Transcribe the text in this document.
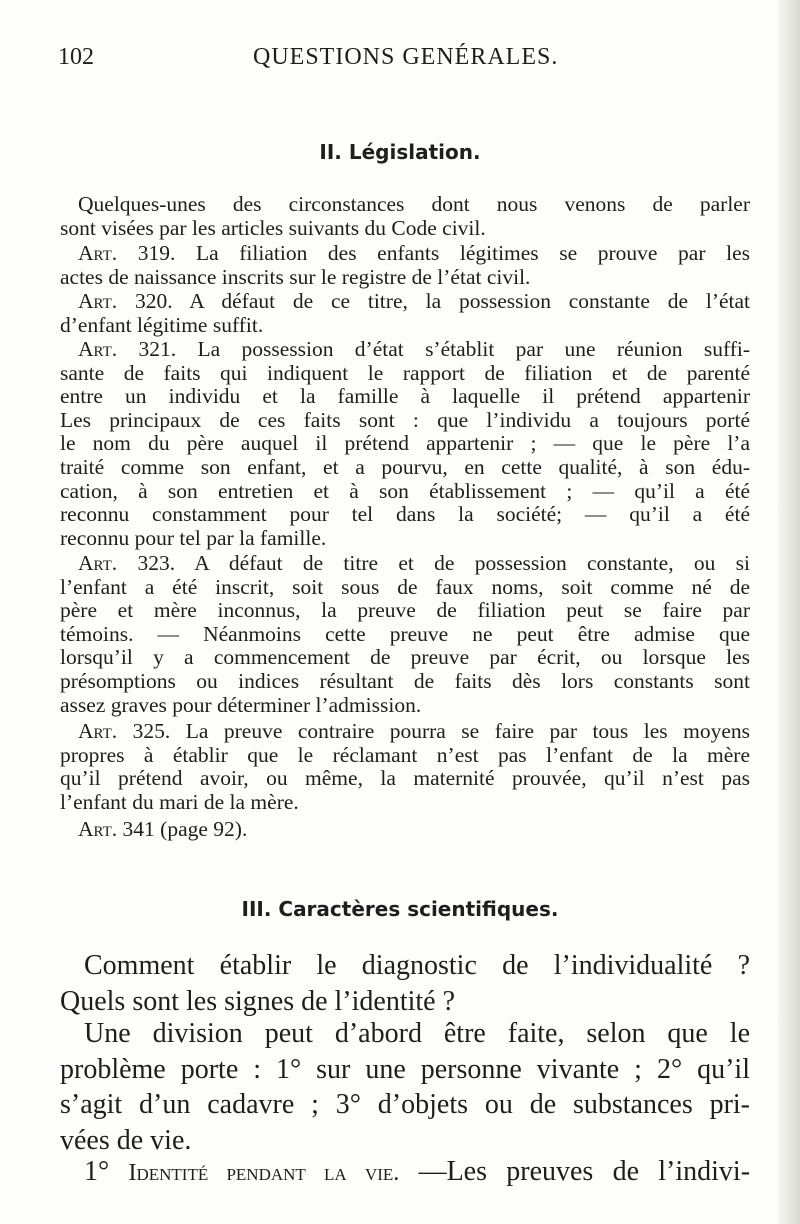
102	QUESTIONS GENÉRALES.
II. Législation.
Quelques-unes des circonstances dont nous venons de parler
sont visées par les articles suivants du Code civil.
Art. 319. La filiation des enfants légitimes se prouve par les
actes de naissance inscrits sur le registre de l’état civil.
Art. 320. A défaut de ce titre, la possession constante de l’état
d’enfant légitime suffit.
Art. 321. La possession d’état s’établit par une réunion suffi-
sante de faits qui indiquent le rapport de filiation et de parenté
entre un individu et la famille à laquelle il prétend appartenir
Les principaux de ces faits sont : que l’individu a toujours porté
le nom du père auquel il prétend appartenir ; — que le père l’a
traité comme son enfant, et a pourvu, en cette qualité, à son édu-
cation, à son entretien et à son établissement ; — qu’il a été
reconnu constamment pour tel dans la société; — qu’il a été
reconnu pour tel par la famille.
Art. 323. A défaut de titre et de possession constante, ou si
l’enfant a été inscrit, soit sous de faux noms, soit comme né de
père et mère inconnus, la preuve de filiation peut se faire par
témoins. — Néanmoins cette preuve ne peut être admise que
lorsqu’il y a commencement de preuve par écrit, ou lorsque les
présomptions ou indices résultant de faits dès lors constants sont
assez graves pour déterminer l’admission.
Art. 325. La preuve contraire pourra se faire par tous les moyens
propres à établir que le réclamant n’est pas l’enfant de la mère
qu’il prétend avoir, ou même, la maternité prouvée, qu’il n’est pas
l’enfant du mari de la mère.
Art. 341 (page 92).
III. Caractères scientifiques.
Comment établir le diagnostic de l’individualité ?
Quels sont les signes de l’identité ?
Une division peut d’abord être faite, selon que le
problème porte : 1° sur une personne vivante ; 2° qu’il
s’agit d’un cadavre ; 3° d’objets ou de substances pri-
vées de vie.
1° Identité pendant la vie. —Les preuves de l’indivi-
